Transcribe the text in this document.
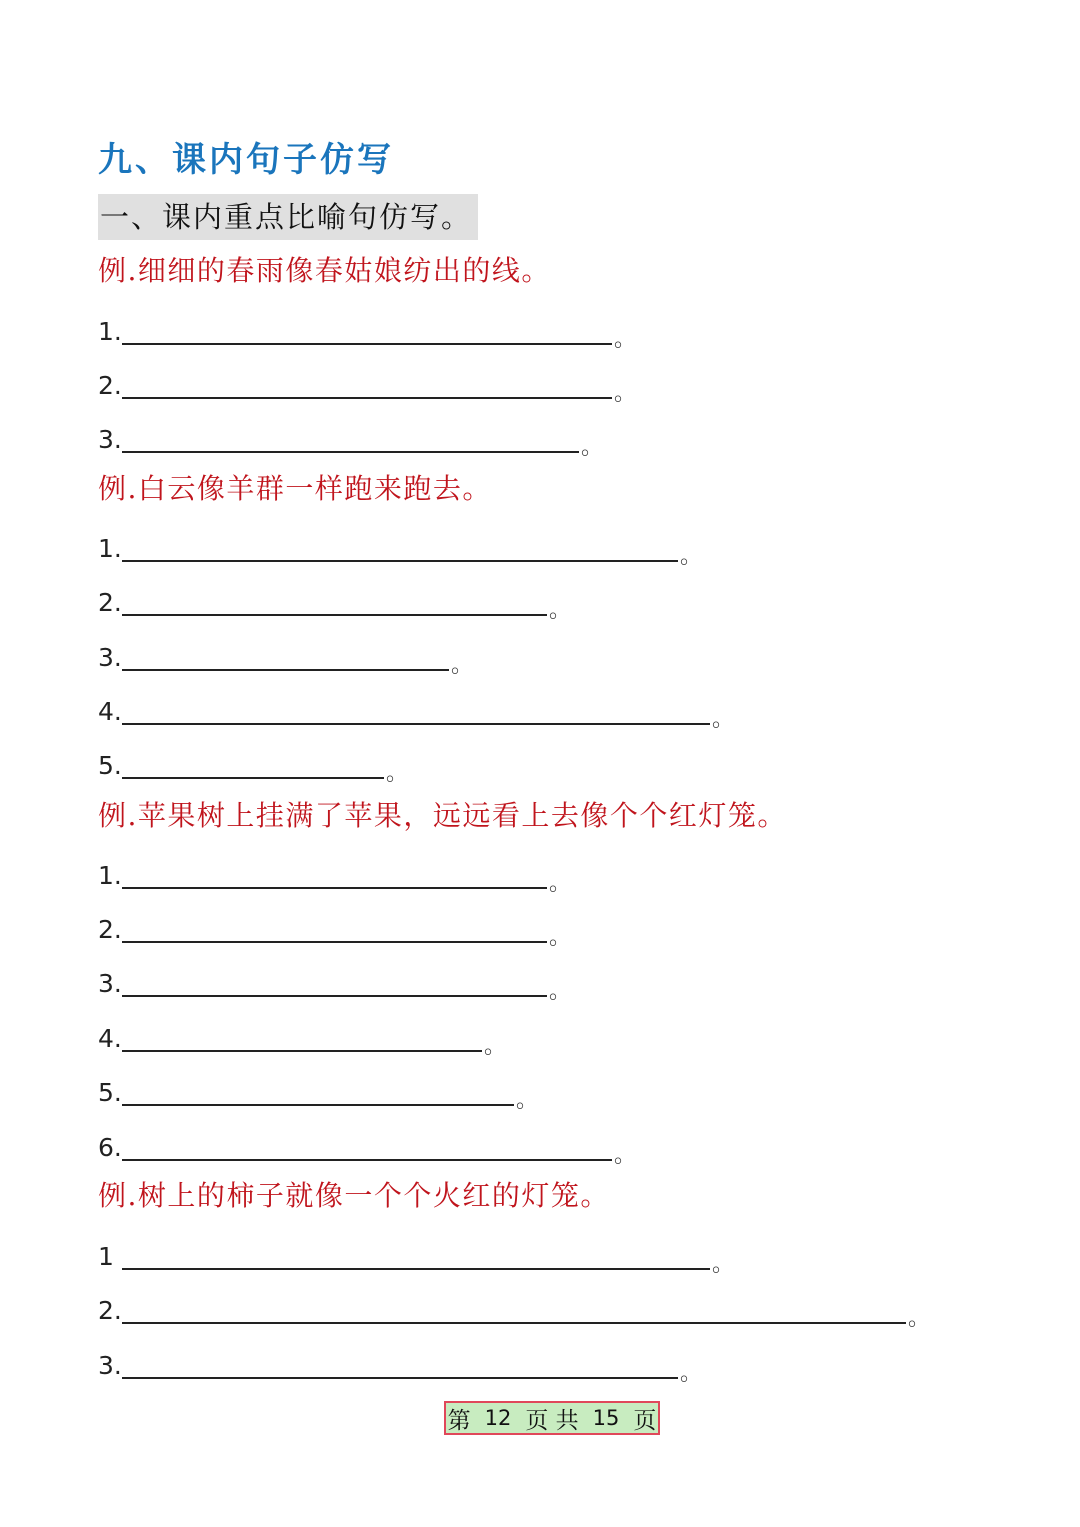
九、课内句子仿写
一、课内重点比喻句仿写。
例.细细的春雨像春姑娘纺出的线。
1.	。
2.	。
3.	。
例.白云像羊群一样跑来跑去。
1.	。
2.	。
3.	。
4.	。
5.	。
例.苹果树上挂满了苹果，远远看上去像个个红灯笼。
1.	。
2.	。
3.	。
4.	。
5.	。
6.	。
例.树上的柿子就像一个个火红的灯笼。
1	。
2.	。
3.	。
第 12 页 共 15 页
